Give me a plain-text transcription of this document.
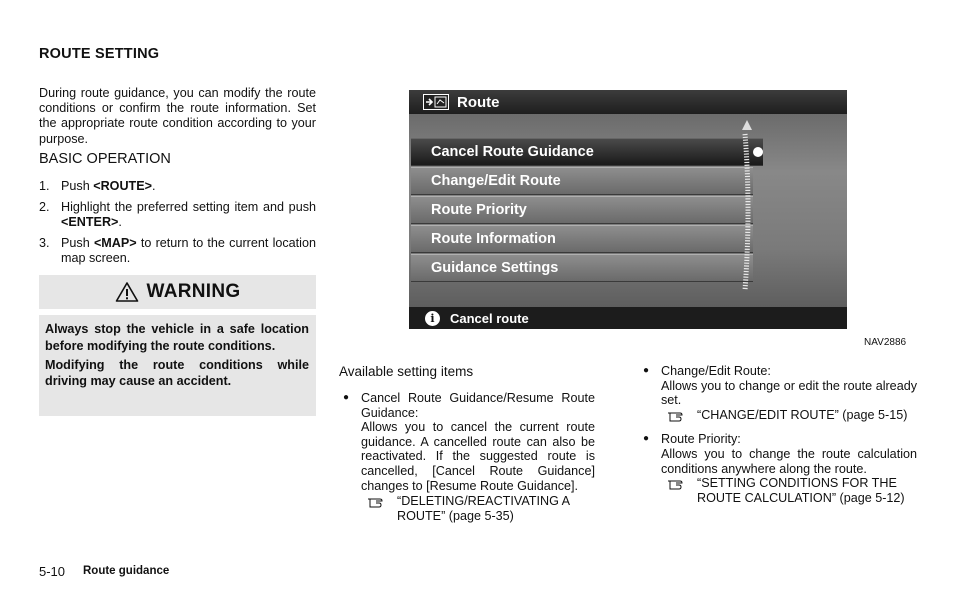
ROUTE SETTING
During route guidance, you can modify the route conditions or confirm the route information. Set the appropriate route condition according to your purpose.
BASIC OPERATION
1. Push <ROUTE>.
2. Highlight the preferred setting item and push <ENTER>.
3. Push <MAP> to return to the current location map screen.
WARNING

Always stop the vehicle in a safe location before modifying the route conditions.

Modifying the route conditions while driving may cause an accident.

Route
Cancel Route Guidance
Change/Edit Route
Route Priority
Route Information
Guidance Settings
i	Cancel route
NAV2886
Available setting items
● Cancel Route Guidance/Resume Route Guidance:
Allows you to cancel the current route guidance. A cancelled route can also be reactivated. If the suggested route is cancelled, [Cancel Route Guidance] changes to [Resume Route Guidance].
“DELETING/REACTIVATING A ROUTE” (page 5-35)
● Change/Edit Route:
Allows you to change or edit the route already set.
“CHANGE/EDIT ROUTE” (page 5-15)
● Route Priority:
Allows you to change the route calculation conditions anywhere along the route.
“SETTING CONDITIONS FOR THE ROUTE CALCULATION” (page 5-12)
5-10 Route guidance
